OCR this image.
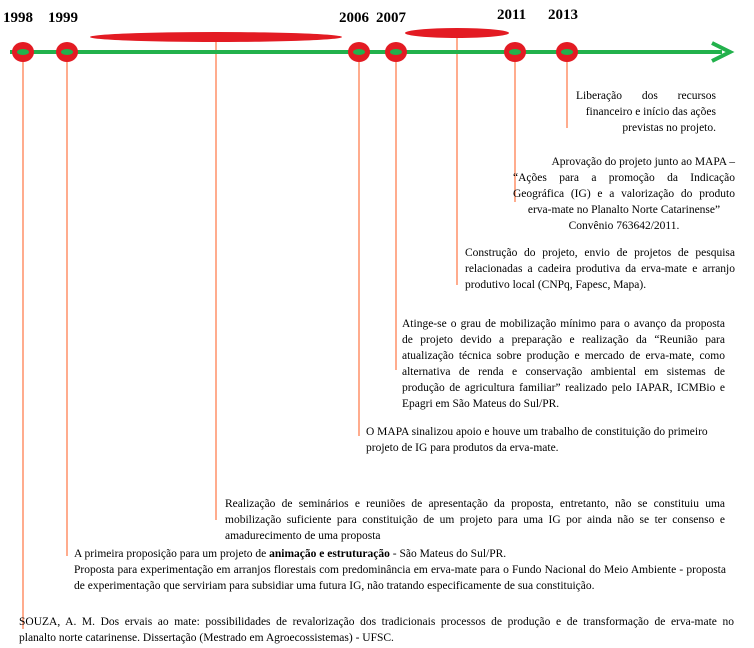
1998 1999	2006 2007	2011 2013
Liberação dos recursos
financeiro e início das ações
previstas no projeto.
Aprovação do projeto junto ao MAPA –
“Ações para a promoção da Indicação
Geográfica (IG) e a valorização do produto
erva-mate no Planalto Norte Catarinense”
Convênio 763642/2011.
Construção do projeto, envio de projetos de pesquisa
relacionadas a cadeira produtiva da erva-mate e arranjo
produtivo local (CNPq, Fapesc, Mapa).
Atinge-se o grau de mobilização mínimo para o avanço da proposta
de projeto devido a preparação e realização da “Reunião para
atualização técnica sobre produção e mercado de erva-mate, como
alternativa de renda e conservação ambiental em sistemas de
produção de agricultura familiar” realizado pelo IAPAR, ICMBio e
Epagri em São Mateus do Sul/PR.
O MAPA sinalizou apoio e houve um trabalho de constituição do primeiro
projeto de IG para produtos da erva-mate.
Realização de seminários e reuniões de apresentação da proposta, entretanto, não se constituiu uma
mobilização suficiente para constituição de um projeto para uma IG por ainda não se ter consenso e
amadurecimento de uma proposta
A primeira proposição para um projeto de animação e estruturação - São Mateus do Sul/PR.
Proposta para experimentação em arranjos florestais com predominância em erva-mate para o Fundo Nacional do Meio Ambiente - proposta
de experimentação que serviriam para subsidiar uma futura IG, não tratando especificamente de sua constituição.
SOUZA, A. M. Dos ervais ao mate: possibilidades de revalorização dos tradicionais processos de produção e de transformação de erva-mate no
planalto norte catarinense. Dissertação (Mestrado em Agroecossistemas) - UFSC.
